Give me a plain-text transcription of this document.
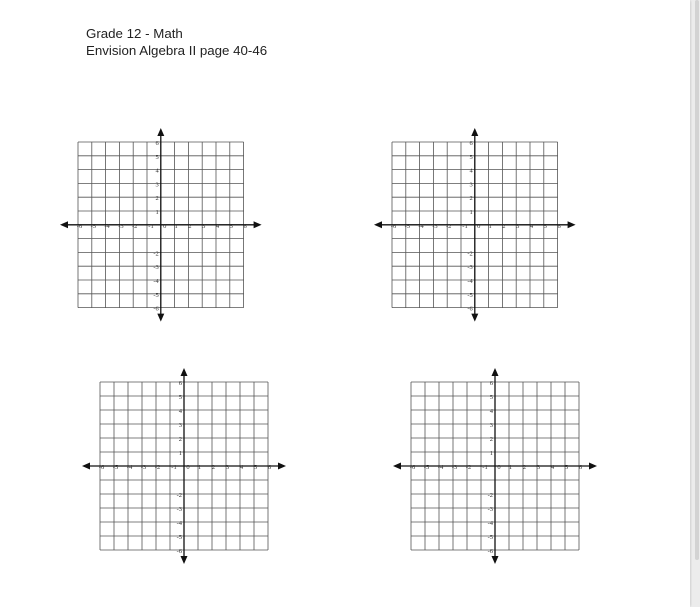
Grade 12 - Math
Envision Algebra II page 40-46
-6 -5 -4 -3 -2 -1 0 1 2 3 4 5 6
6
5
4
3
2
1
-2
-3
-4
-5
-6
-6 -5 -4 -3 -2 -1 0 1 2 3 4 5 6
6
5
4
3
2
1
-2
-3
-4
-5
-6
-6 -5 -4 -3 -2 -1 0 1 2 3 4 5 6
6
5
4
3
2
1
-2
-3
-4
-5
-6
-6 -5 -4 -3 -2 -1 0 1 2 3 4 5 6
6
5
4
3
2
1
-2
-3
-4
-5
-6
